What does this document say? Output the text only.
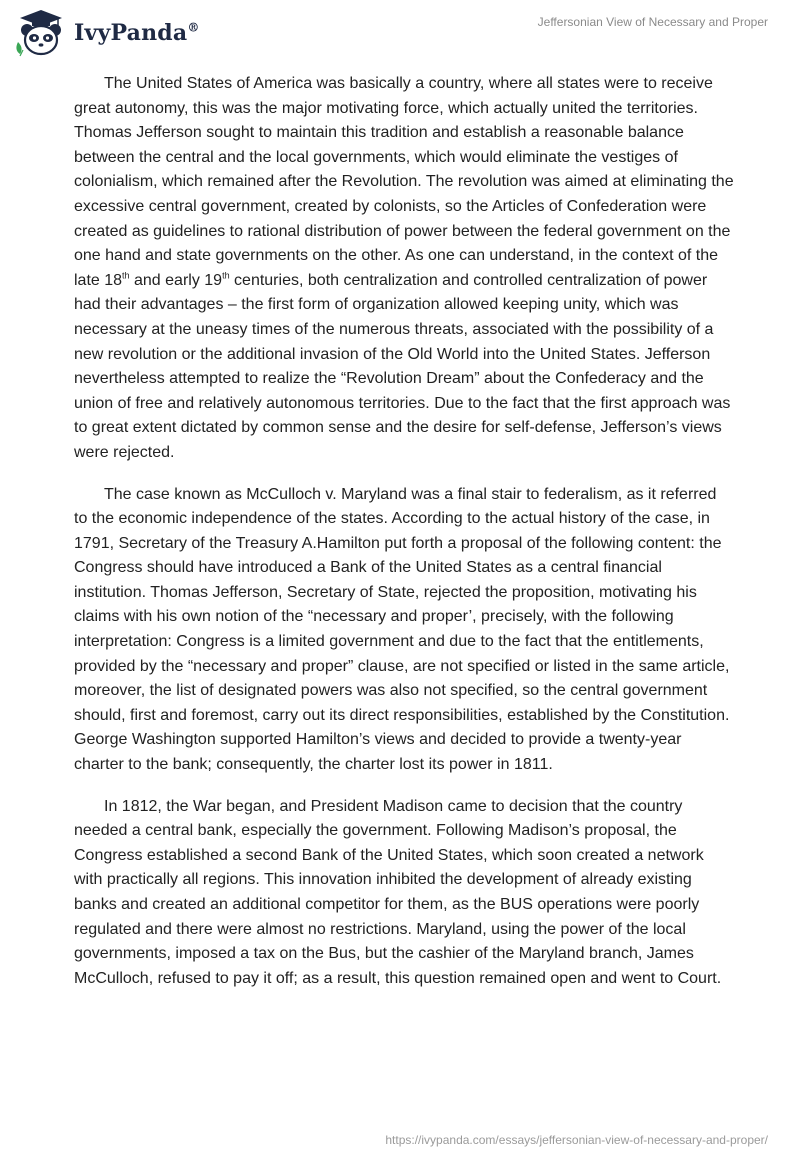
IvyPanda®	Jeffersonian View of Necessary and Proper

The United States of America was basically a country, where all states were to receive great autonomy, this was the major motivating force, which actually united the territories. Thomas Jefferson sought to maintain this tradition and establish a reasonable balance between the central and the local governments, which would eliminate the vestiges of colonialism, which remained after the Revolution. The revolution was aimed at eliminating the excessive central government, created by colonists, so the Articles of Confederation were created as guidelines to rational distribution of power between the federal government on the one hand and state governments on the other. As one can understand, in the context of the late 18th and early 19th centuries, both centralization and controlled centralization of power had their advantages – the first form of organization allowed keeping unity, which was necessary at the uneasy times of the numerous threats, associated with the possibility of a new revolution or the additional invasion of the Old World into the United States. Jefferson nevertheless attempted to realize the “Revolution Dream” about the Confederacy and the union of free and relatively autonomous territories. Due to the fact that the first approach was to great extent dictated by common sense and the desire for self-defense, Jefferson’s views were rejected.

The case known as McCulloch v. Maryland was a final stair to federalism, as it referred to the economic independence of the states. According to the actual history of the case, in 1791, Secretary of the Treasury A.Hamilton put forth a proposal of the following content: the Congress should have introduced a Bank of the United States as a central financial institution. Thomas Jefferson, Secretary of State, rejected the proposition, motivating his claims with his own notion of the “necessary and proper’, precisely, with the following interpretation: Congress is a limited government and due to the fact that the entitlements, provided by the “necessary and proper” clause, are not specified or listed in the same article, moreover, the list of designated powers was also not specified, so the central government should, first and foremost, carry out its direct responsibilities, established by the Constitution. George Washington supported Hamilton’s views and decided to provide a twenty-year charter to the bank; consequently, the charter lost its power in 1811.

In 1812, the War began, and President Madison came to decision that the country needed a central bank, especially the government. Following Madison’s proposal, the Congress established a second Bank of the United States, which soon created a network with practically all regions. This innovation inhibited the development of already existing banks and created an additional competitor for them, as the BUS operations were poorly regulated and there were almost no restrictions. Maryland, using the power of the local governments, imposed a tax on the Bus, but the cashier of the Maryland branch, James McCulloch, refused to pay it off; as a result, this question remained open and went to Court.

https://ivypanda.com/essays/jeffersonian-view-of-necessary-and-proper/
